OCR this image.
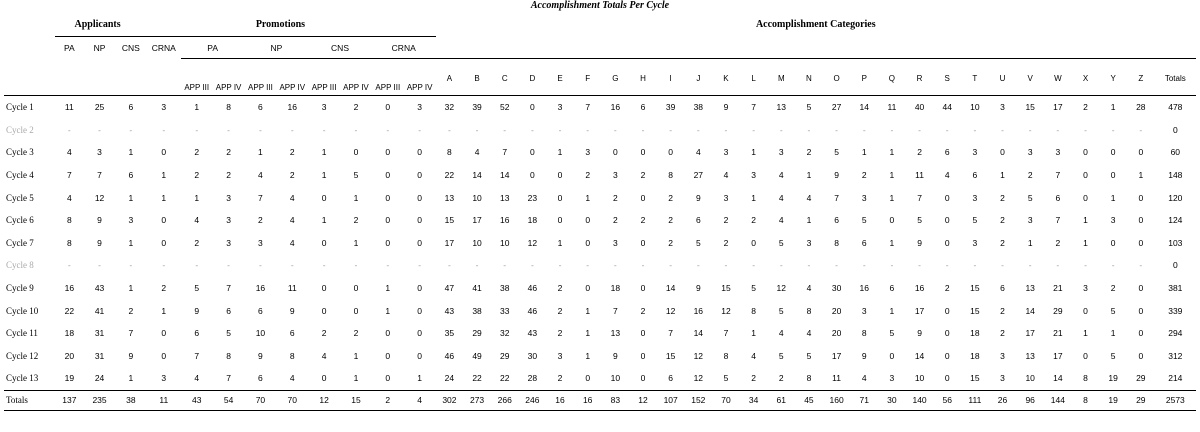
Accomplishment Totals Per Cycle
	Applicants				Promotions								Accomplishment Categories																										
	PA	NP	CNS	CRNA	PA		NP		CNS		CRNA																												
					APP III	APP IV	APP III	APP IV	APP III	APP IV	APP III	APP IV	A	B	C	D	E	F	G	H	I	J	K	L	M	N	O	P	Q	R	S	T	U	V	W	X	Y	Z	Totals
Cycle 1	11	25	6	3	1	8	6	16	3	2	0	3	32	39	52	0	3	7	16	6	39	38	9	7	13	5	27	14	11	40	44	10	3	15	17	2	1	28	478
Cycle 2	-	-	-	-	-	-	-	-	-	-	-	-	-	-	-	-	-	-	-	-	-	-	-	-	-	-	-	-	-	-	-	-	-	-	-	-	-	-	0
Cycle 3	4	3	1	0	2	2	1	2	1	0	0	0	8	4	7	0	1	3	0	0	0	4	3	1	3	2	5	1	1	2	6	3	0	3	3	0	0	0	60
Cycle 4	7	7	6	1	2	2	4	2	1	5	0	0	22	14	14	0	0	2	3	2	8	27	4	3	4	1	9	2	1	11	4	6	1	2	7	0	0	1	148
Cycle 5	4	12	1	1	1	3	7	4	0	1	0	0	13	10	13	23	0	1	2	0	2	9	3	1	4	4	7	3	1	7	0	3	2	5	6	0	1	0	120
Cycle 6	8	9	3	0	4	3	2	4	1	2	0	0	15	17	16	18	0	0	2	2	2	6	2	2	4	1	6	5	0	5	0	5	2	3	7	1	3	0	124
Cycle 7	8	9	1	0	2	3	3	4	0	1	0	0	17	10	10	12	1	0	3	0	2	5	2	0	5	3	8	6	1	9	0	3	2	1	2	1	0	0	103
Cycle 8	-	-	-	-	-	-	-	-	-	-	-	-	-	-	-	-	-	-	-	-	-	-	-	-	-	-	-	-	-	-	-	-	-	-	-	-	-	-	0
Cycle 9	16	43	1	2	5	7	16	11	0	0	1	0	47	41	38	46	2	0	18	0	14	9	15	5	12	4	30	16	6	16	2	15	6	13	21	3	2	0	381
Cycle 10	22	41	2	1	9	6	6	9	0	0	1	0	43	38	33	46	2	1	7	2	12	16	12	8	5	8	20	3	1	17	0	15	2	14	29	0	5	0	339
Cycle 11	18	31	7	0	6	5	10	6	2	2	0	0	35	29	32	43	2	1	13	0	7	14	7	1	4	4	20	8	5	9	0	18	2	17	21	1	1	0	294
Cycle 12	20	31	9	0	7	8	9	8	4	1	0	0	46	49	29	30	3	1	9	0	15	12	8	4	5	5	17	9	0	14	0	18	3	13	17	0	5	0	312
Cycle 13	19	24	1	3	4	7	6	4	0	1	0	1	24	22	22	28	2	0	10	0	6	12	5	2	2	8	11	4	3	10	0	15	3	10	14	8	19	29	214
Totals	137	235	38	11	43	54	70	70	12	15	2	4	302	273	266	246	16	16	83	12	107	152	70	34	61	45	160	71	30	140	56	111	26	96	144	8	19	29	2573
